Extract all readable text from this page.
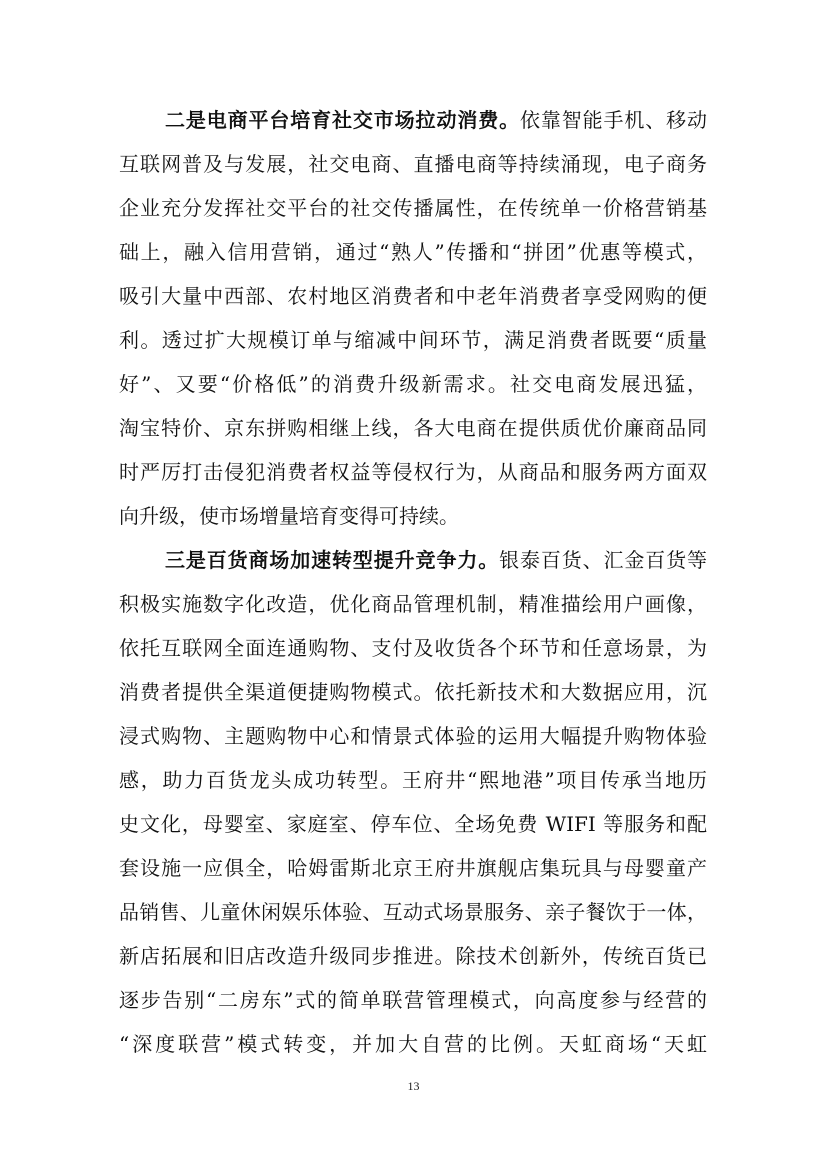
二是电商平台培育社交市场拉动消费。依靠智能手机、移动
互联网普及与发展，社交电商、直播电商等持续涌现，电子商务
企业充分发挥社交平台的社交传播属性，在传统单一价格营销基
础上，融入信用营销，通过“熟人”传播和“拼团”优惠等模式，
吸引大量中西部、农村地区消费者和中老年消费者享受网购的便
利。透过扩大规模订单与缩减中间环节，满足消费者既要“质量
好”、又要“价格低”的消费升级新需求。社交电商发展迅猛，
淘宝特价、京东拼购相继上线，各大电商在提供质优价廉商品同
时严厉打击侵犯消费者权益等侵权行为，从商品和服务两方面双
向升级，使市场增量培育变得可持续。
三是百货商场加速转型提升竞争力。银泰百货、汇金百货等
积极实施数字化改造，优化商品管理机制，精准描绘用户画像，
依托互联网全面连通购物、支付及收货各个环节和任意场景，为
消费者提供全渠道便捷购物模式。依托新技术和大数据应用，沉
浸式购物、主题购物中心和情景式体验的运用大幅提升购物体验
感，助力百货龙头成功转型。王府井“熙地港”项目传承当地历
史文化，母婴室、家庭室、停车位、全场免费 WIFI 等服务和配
套设施一应俱全，哈姆雷斯北京王府井旗舰店集玩具与母婴童产
品销售、儿童休闲娱乐体验、互动式场景服务、亲子餐饮于一体，
新店拓展和旧店改造升级同步推进。除技术创新外，传统百货已
逐步告别“二房东”式的简单联营管理模式，向高度参与经营的
“深度联营”模式转变，并加大自营的比例。天虹商场“天虹
13
